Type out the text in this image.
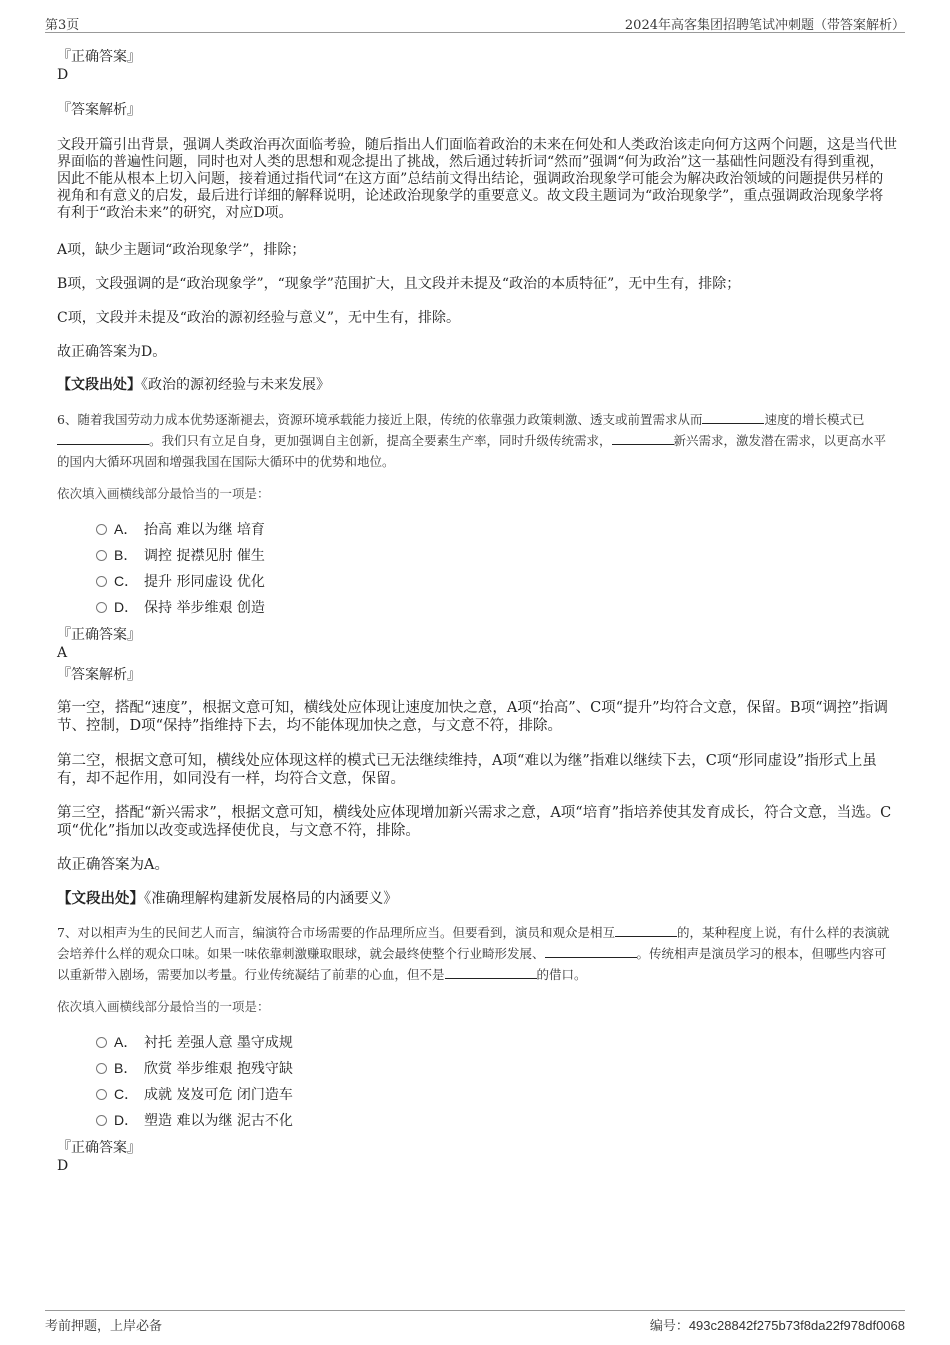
第3页	2024年高客集团招聘笔试冲刺题（带答案解析）
『正确答案』
D
『答案解析』

文段开篇引出背景，强调人类政治再次面临考验，随后指出人们面临着政治的未来在何处和人类政治该走向何方这两个问题，这是当代世界面临的普遍性问题，同时也对人类的思想和观念提出了挑战，然后通过转折词“然而”强调“何为政治”这一基础性问题没有得到重视，因此不能从根本上切入问题，接着通过指代词“在这方面”总结前文得出结论，强调政治现象学可能会为解决政治领域的问题提供另样的视角和有意义的启发，最后进行详细的解释说明，论述政治现象学的重要意义。故文段主题词为“政治现象学”，重点强调政治现象学将有利于“政治未来”的研究，对应D项。

A项，缺少主题词“政治现象学”，排除；

B项，文段强调的是“政治现象学”，“现象学”范围扩大，且文段并未提及“政治的本质特征”，无中生有，排除；

C项，文段并未提及“政治的源初经验与意义”，无中生有，排除。

故正确答案为D。

【文段出处】《政治的源初经验与未来发展》

6、随着我国劳动力成本优势逐渐褪去，资源环境承载能力接近上限，传统的依靠强力政策刺激、透支或前置需求从而	速度的增长模式已。我们只有立足自身，更加强调自主创新，提高全要素生产率，同时升级传统需求，	新兴需求，激发潜在需求，以更高水平的国内大循环巩固和增强我国在国际大循环中的优势和地位。

依次填入画横线部分最恰当的一项是：
A． 抬高 难以为继 培育
B． 调控 捉襟见肘 催生
C． 提升 形同虚设 优化
D． 保持 举步维艰 创造
『正确答案』
A
『答案解析』

第一空，搭配“速度”，根据文意可知，横线处应体现让速度加快之意，A项“抬高”、C项“提升”均符合文意，保留。B项“调控”指调节、控制，D项“保持”指维持下去，均不能体现加快之意，与文意不符，排除。

第二空，根据文意可知，横线处应体现这样的模式已无法继续维持，A项“难以为继”指难以继续下去，C项“形同虚设”指形式上虽有，却不起作用，如同没有一样，均符合文意，保留。

第三空，搭配“新兴需求”，根据文意可知，横线处应体现增加新兴需求之意，A项“培育”指培养使其发育成长，符合文意，当选。C项“优化”指加以改变或选择使优良，与文意不符，排除。

故正确答案为A。

【文段出处】《准确理解构建新发展格局的内涵要义》

7、对以相声为生的民间艺人而言，编演符合市场需要的作品理所应当。但要看到，演员和观众是相互	的，某种程度上说，有什么样的表演就会培养什么样的观众口味。如果一味依靠刺激赚取眼球，就会最终使整个行业畸形发展、	。传统相声是演员学习的根本，但哪些内容可以重新带入剧场，需要加以考量。行业传统凝结了前辈的心血，但不是	的借口。

依次填入画横线部分最恰当的一项是：
A． 衬托 差强人意 墨守成规
B． 欣赏 举步维艰 抱残守缺
C． 成就 岌岌可危 闭门造车
D． 塑造 难以为继 泥古不化
『正确答案』
D
考前押题，上岸必备	编号：493c28842f275b73f8da22f978df0068
